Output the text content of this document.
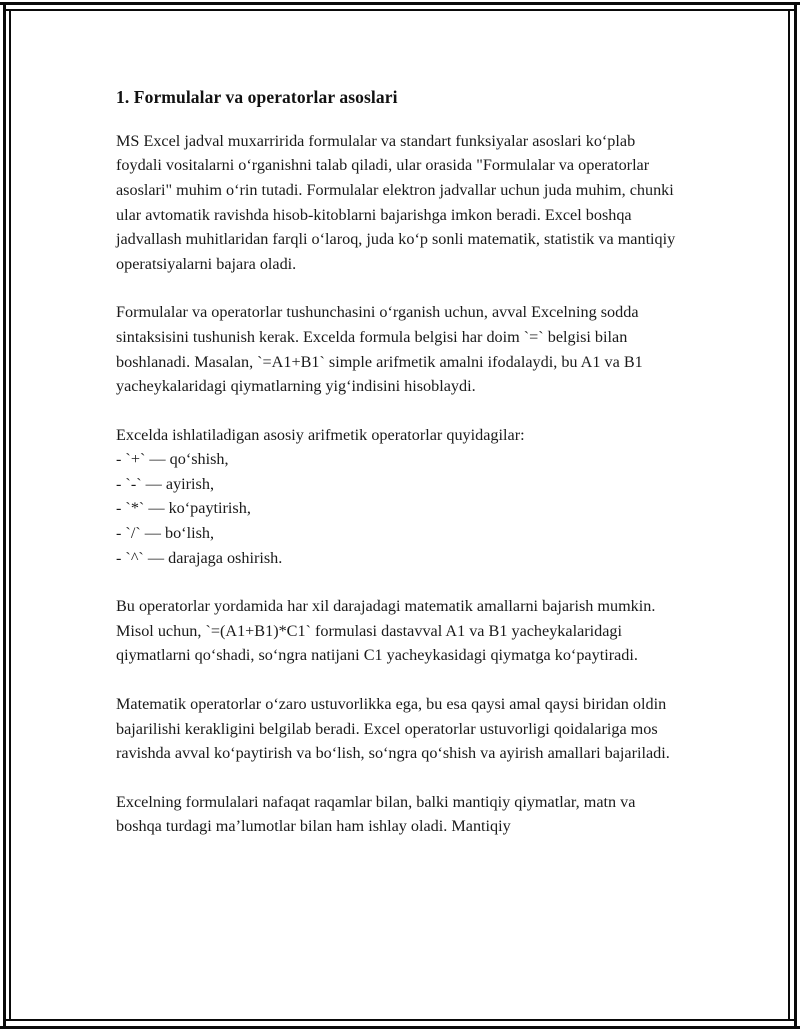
1. Formulalar va operatorlar asoslari

MS Excel jadval muxarririda formulalar va standart funksiyalar asoslari ko‘plab foydali vositalarni o‘rganishni talab qiladi, ular orasida "Formulalar va operatorlar asoslari" muhim o‘rin tutadi. Formulalar elektron jadvallar uchun juda muhim, chunki ular avtomatik ravishda hisob-kitoblarni bajarishga imkon beradi. Excel boshqa jadvallash muhitlaridan farqli o‘laroq, juda ko‘p sonli matematik, statistik va mantiqiy operatsiyalarni bajara oladi.

Formulalar va operatorlar tushunchasini o‘rganish uchun, avval Excelning sodda sintaksisini tushunish kerak. Excelda formula belgisi har doim `=` belgisi bilan boshlanadi. Masalan, `=A1+B1` simple arifmetik amalni ifodalaydi, bu A1 va B1 yacheykalaridagi qiymatlarning yig‘indisini hisoblaydi.

Excelda ishlatiladigan asosiy arifmetik operatorlar quyidagilar:

- `+` — qo‘shish,
- `-` — ayirish,
- `*` — ko‘paytirish,
- `/` — bo‘lish,
- `^` — darajaga oshirish.

Bu operatorlar yordamida har xil darajadagi matematik amallarni bajarish mumkin. Misol uchun, `=(A1+B1)*C1` formulasi dastavval A1 va B1 yacheykalaridagi qiymatlarni qo‘shadi, so‘ngra natijani C1 yacheykasidagi qiymatga ko‘paytiradi.

Matematik operatorlar o‘zaro ustuvorlikka ega, bu esa qaysi amal qaysi biridan oldin bajarilishi kerakligini belgilab beradi. Excel operatorlar ustuvorligi qoidalariga mos ravishda avval ko‘paytirish va bo‘lish, so‘ngra qo‘shish va ayirish amallari bajariladi.

Excelning formulalari nafaqat raqamlar bilan, balki mantiqiy qiymatlar, matn va boshqa turdagi ma’lumotlar bilan ham ishlay oladi. Mantiqiy
